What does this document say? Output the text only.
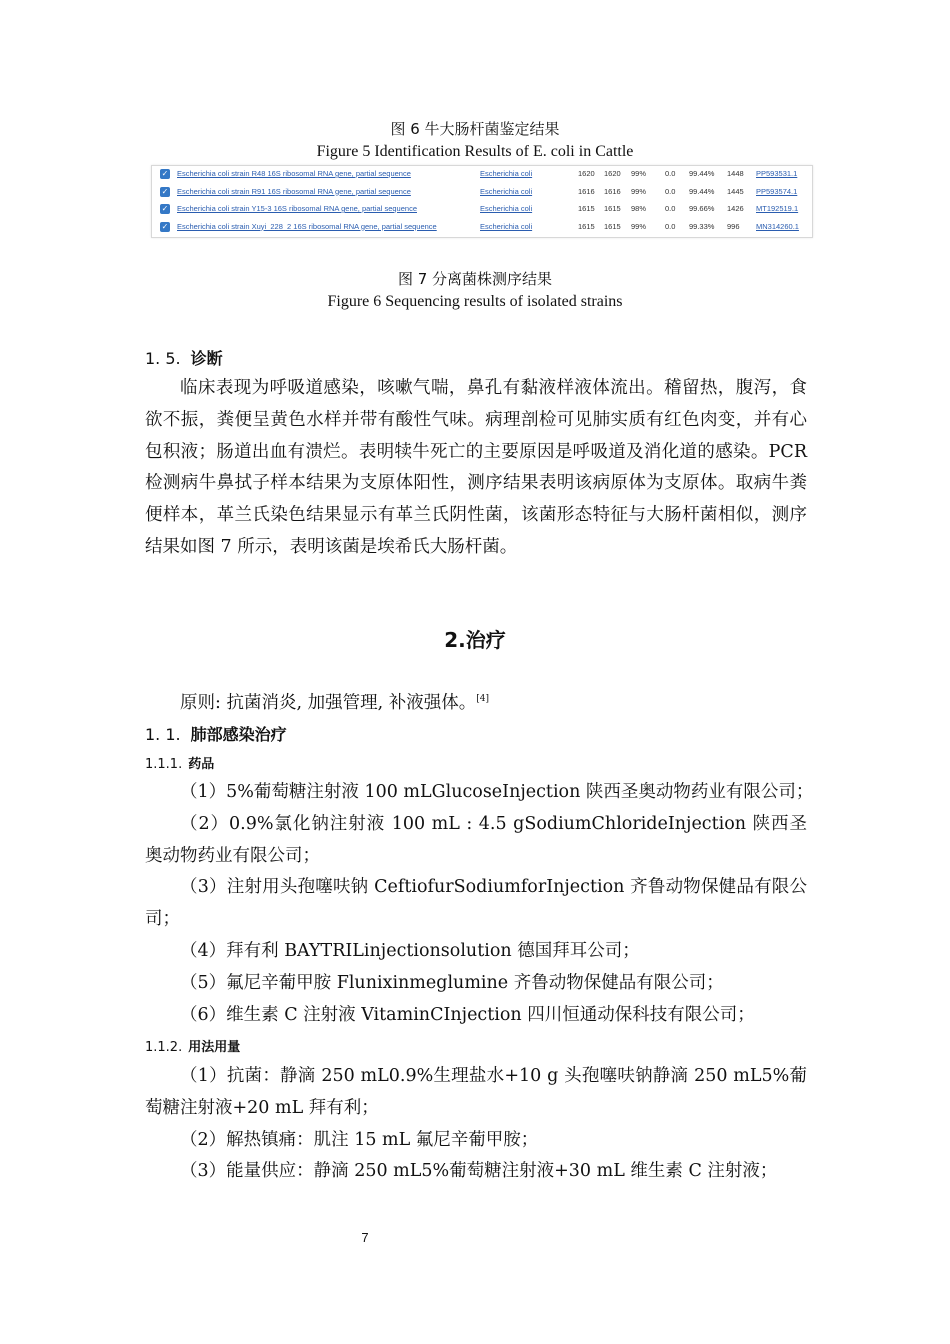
图 6 牛大肠杆菌鉴定结果
Figure 5 Identification Results of E. coli in Cattle
✓ Escherichia coli strain R48 16S ribosomal RNA gene, partial sequence	Escherichia coli	1620 1620 99%	0.0 99.44% 1448 PP593531.1
✓ Escherichia coli strain R91 16S ribosomal RNA gene, partial sequence	Escherichia coli	1616 1616 99%	0.0 99.44% 1445 PP593574.1
✓ Escherichia coli strain Y15-3 16S ribosomal RNA gene, partial sequence	Escherichia coli	1615 1615 98%	0.0 99.66% 1426 MT192519.1
✓ Escherichia coli strain Xuyi_228_2 16S ribosomal RNA gene, partial sequence	Escherichia coli	1615 1615 99%	0.0 99.33% 996 MN314260.1
图 7 分离菌株测序结果
Figure 6 Sequencing results of isolated strains
1. 5. 诊断
临床表现为呼吸道感染，咳嗽气喘，鼻孔有黏液样液体流出。稽留热，腹泻，食欲不振，粪便呈黄色水样并带有酸性气味。病理剖检可见肺实质有红色肉变，并有心包积液；肠道出血有溃烂。表明犊牛死亡的主要原因是呼吸道及消化道的感染。PCR 检测病牛鼻拭子样本结果为支原体阳性，测序结果表明该病原体为支原体。取病牛粪便样本，革兰氏染色结果显示有革兰氏阴性菌，该菌形态特征与大肠杆菌相似，测序结果如图 7 所示，表明该菌是埃希氏大肠杆菌。
2.治疗
原则: 抗菌消炎, 加强管理, 补液强体。[4]
1. 1. 肺部感染治疗
1.1.1. 药品
（1）5%葡萄糖注射液 100 mLGlucoseInjection 陕西圣奥动物药业有限公司；
（2）0.9%氯化钠注射液 100 mL : 4.5 gSodiumChlorideInjection 陕西圣奥动物药业有限公司；
（3）注射用头孢噻呋钠 CeftiofurSodiumforInjection 齐鲁动物保健品有限公司；
（4）拜有利 BAYTRILinjectionsolution 德国拜耳公司；
（5）氟尼辛葡甲胺 Flunixinmeglumine 齐鲁动物保健品有限公司；
（6）维生素 C 注射液 VitaminCInjection 四川恒通动保科技有限公司；
1.1.2. 用法用量
（1）抗菌：静滴 250 mL0.9%生理盐水+10 g 头孢噻呋钠静滴 250 mL5%葡萄糖注射液+20 mL 拜有利；
（2）解热镇痛：肌注 15 mL 氟尼辛葡甲胺；
（3）能量供应：静滴 250 mL5%葡萄糖注射液+30 mL 维生素 C 注射液；
7
